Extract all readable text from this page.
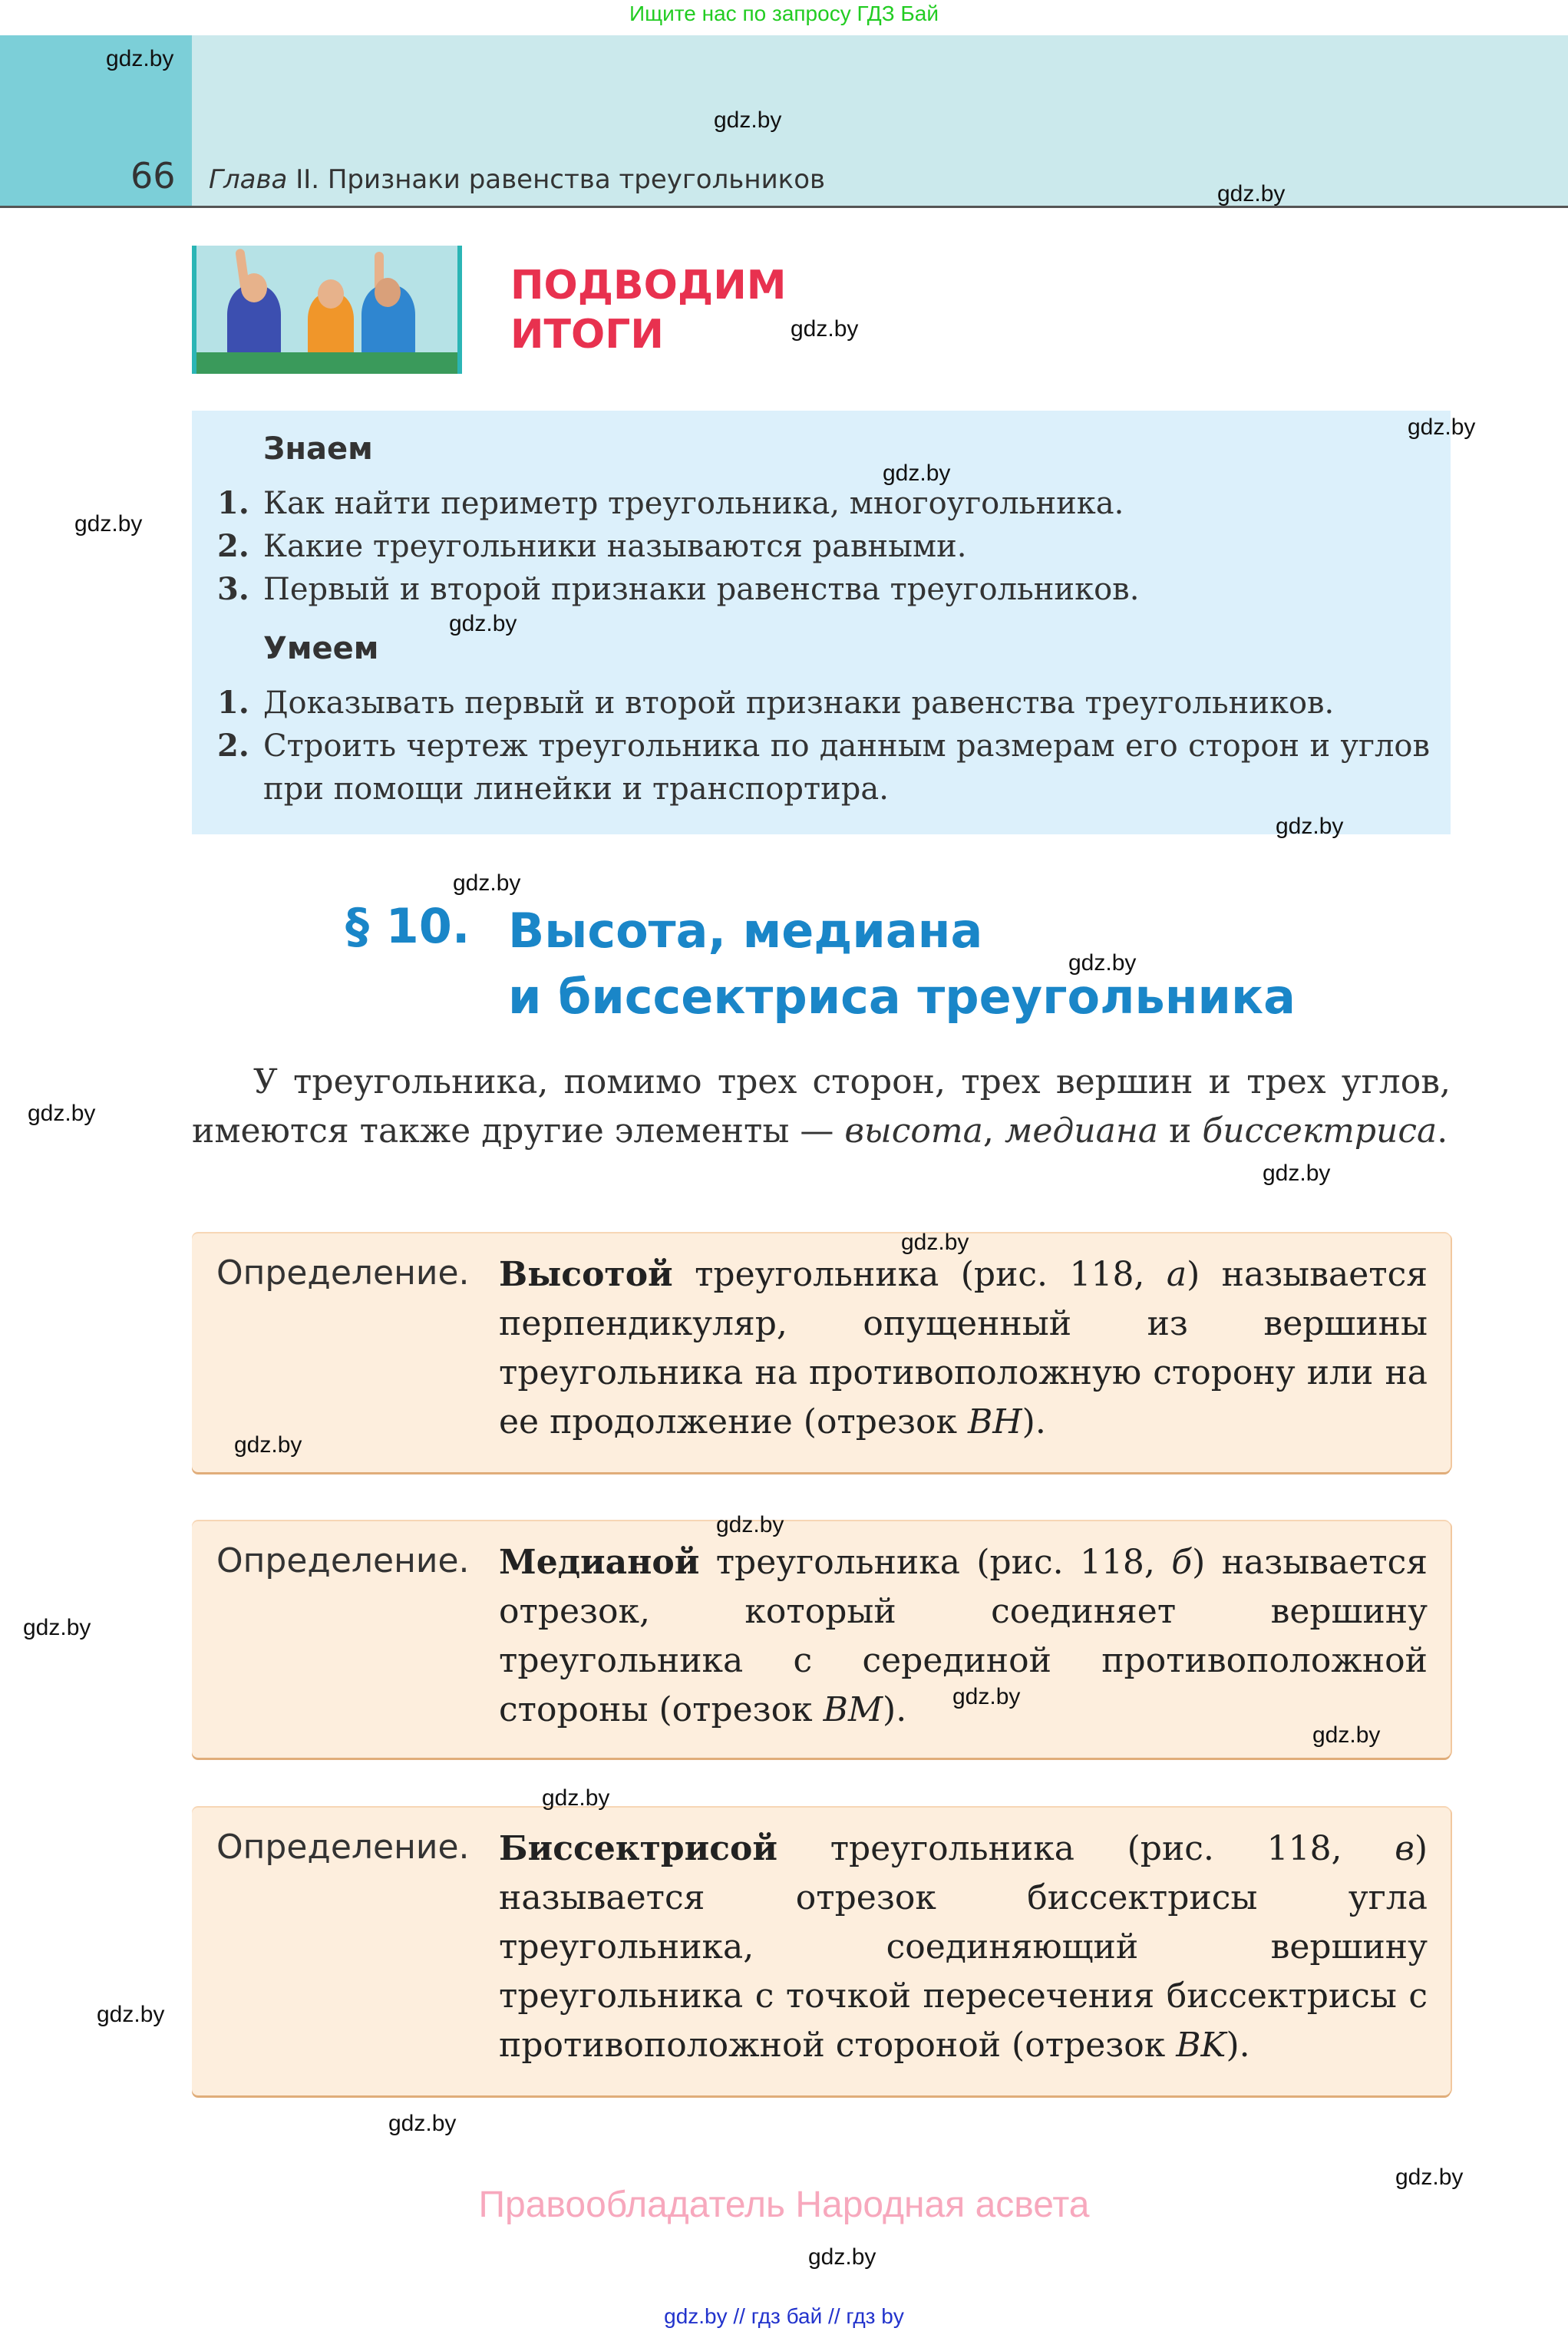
Ищите нас по запросу ГДЗ Бай
66 Глава II. Признаки равенства треугольников
ПОДВОДИМ
ИТОГИ
Знаем
1. Как найти периметр треугольника, многоугольника.
2. Какие треугольники называются равными.
3. Первый и второй признаки равенства треугольников.
Умеем
1. Доказывать первый и второй признаки равенства треугольников.
2. Строить чертеж треугольника по данным размерам его сторон и углов при помощи линейки и транспортира.
§ 10. Высота, медиана
и биссектриса треугольника
У треугольника, помимо трех сторон, трех вершин и трех углов, имеются также другие элементы — высота, медиана и биссектриса.
Определение. Высотой треугольника (рис. 118, а) называется перпендикуляр, опущенный из вершины треугольника на противоположную сторону или на ее продолжение (отрезок BH).
Определение. Медианой треугольника (рис. 118, б) называется отрезок, который соединяет вершину треугольника с серединой противоположной стороны (отрезок BM).
Определение. Биссектрисой треугольника (рис. 118, в) называется отрезок биссектрисы угла треугольника, соединяющий вершину треугольника с точкой пересечения биссектрисы с противоположной стороной (отрезок BK).
gdz.by
gdz.by
gdz.by
gdz.by
gdz.by
gdz.by
gdz.by
gdz.by
gdz.by
gdz.by
gdz.by
gdz.by
gdz.by
gdz.by
gdz.by
gdz.by
gdz.by
gdz.by
gdz.by
gdz.by
gdz.by
gdz.by
gdz.by
gdz.by
Правообладатель Народная асвета
gdz.by // гдз бай // гдз by
